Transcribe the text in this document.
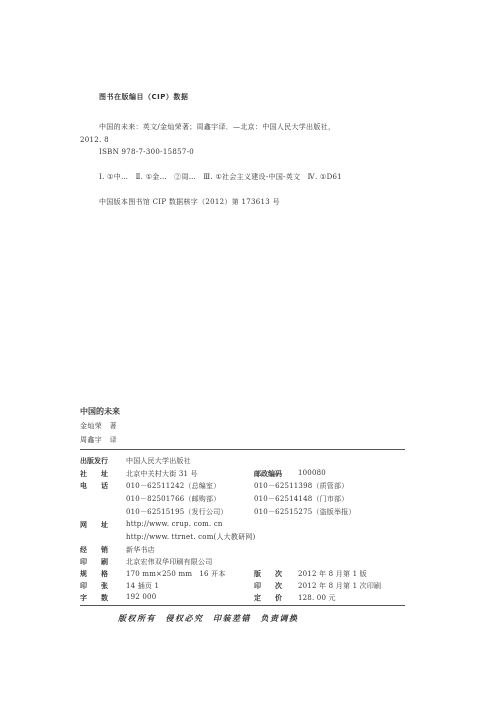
图书在版编目（CIP）数据
中国的未来：英文/金灿荣著；周鑫宇译．—北京：中国人民大学出版社，
2012. 8
ISBN 978-7-300-15857-0
Ⅰ. ①中…　Ⅱ. ①金…　②周…　Ⅲ. ①社会主义建设-中国-英文　Ⅳ. ①D61
中国版本图书馆 CIP 数据核字（2012）第 173613 号
中国的未来
金灿荣　著
周鑫宇　译
出版发行	中国人民大学出版社
社　　址	北京中关村大街 31 号	邮政编码 100080
电　　话	010－62511242（总编室）	010－62511398（质管部）
010－82501766（邮购部）	010－62514148（门市部）
010－62515195（发行公司）	010－62515275（盗版举报）
网　　址	http://www. crup. com. cn
http://www. ttrnet. com(人大教研网)
经　　销	新华书店
印　　刷	北京宏伟双华印刷有限公司
规　　格	170 mm×250 mm　16 开本	版　　次 2012 年 8 月第 1 版
印　　张	14 插页 1	印　　次 2012 年 8 月第 1 次印刷
字　　数	192 000	定　　价 128. 00 元
版权所有　侵权必究　印装差错　负责调换
